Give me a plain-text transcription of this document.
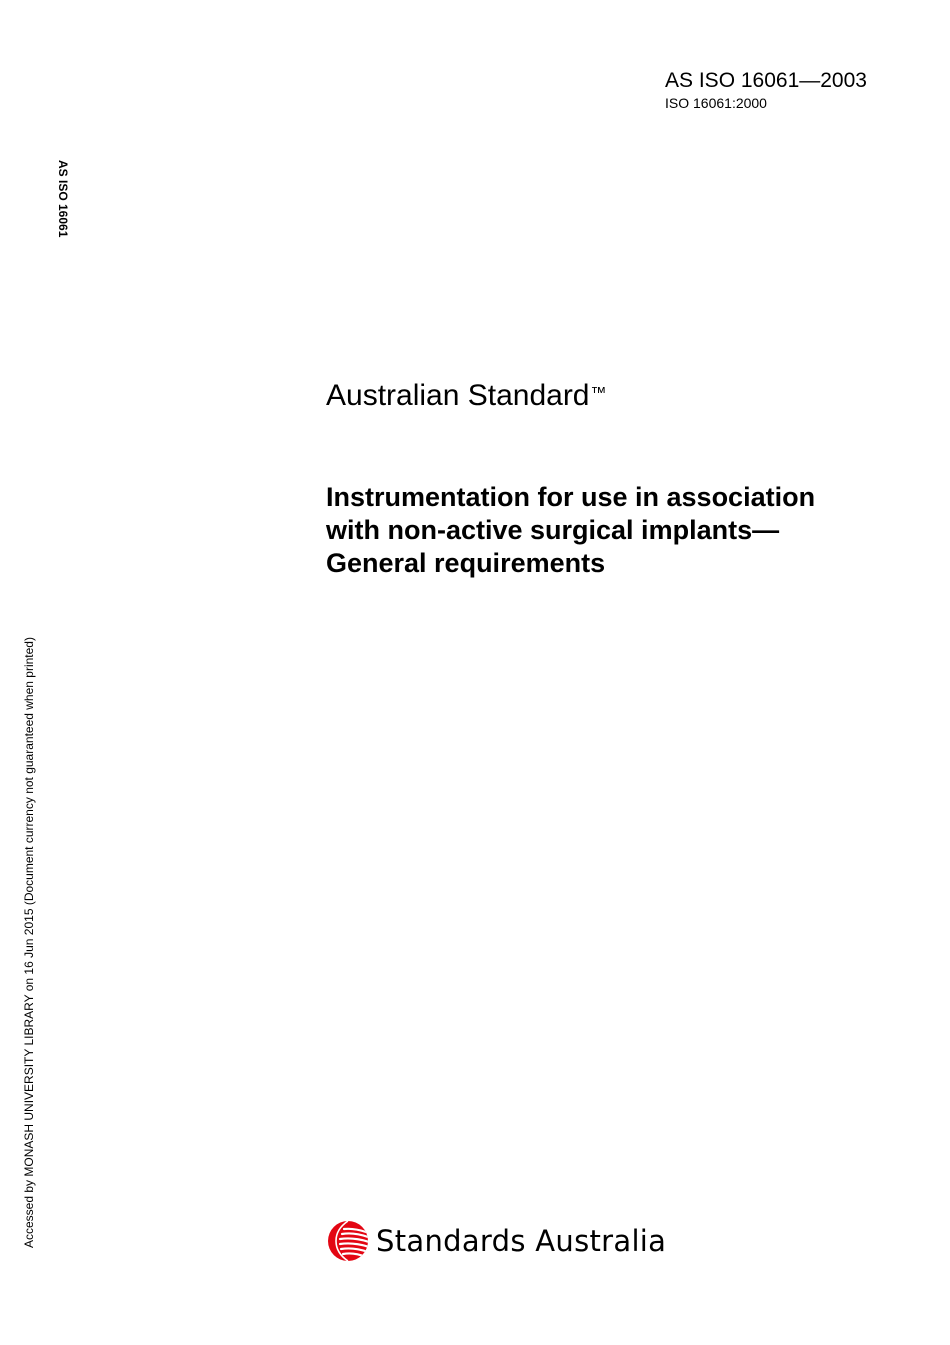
AS ISO 16061—2003
ISO 16061:2000
AS ISO 16061
Accessed by MONASH UNIVERSITY LIBRARY on 16 Jun 2015 (Document currency not guaranteed when printed)
Australian Standard™
Instrumentation for use in association
with non-active surgical implants—
General requirements
Standards Australia
